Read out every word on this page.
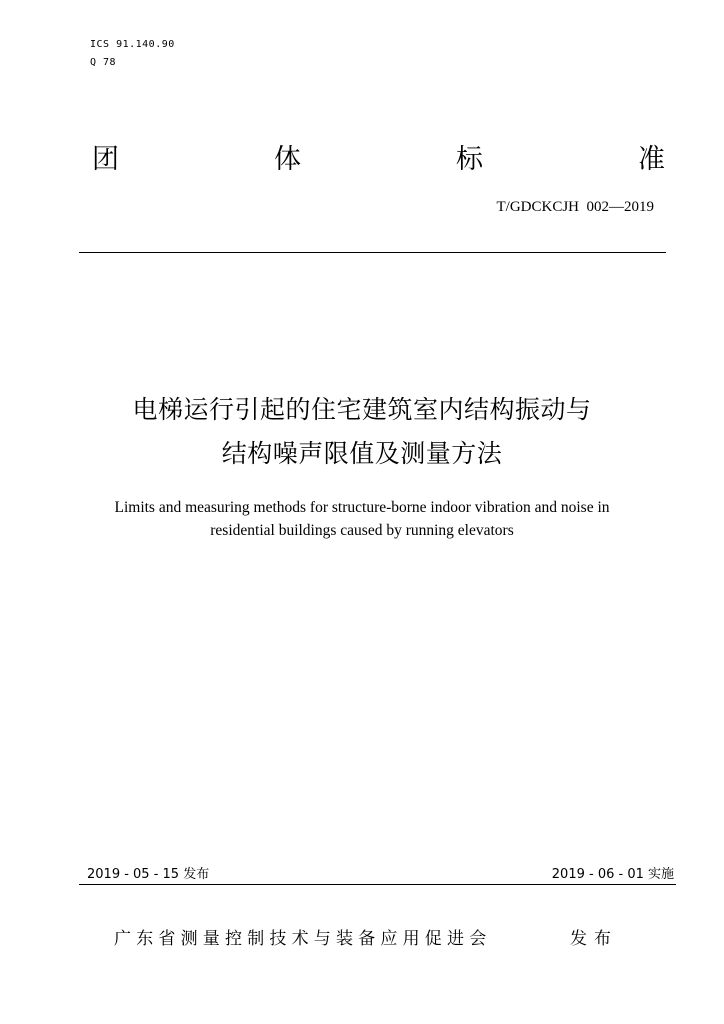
ICS 91.140.90
Q 78
团	体	标	准
T/GDCKCJH  002—2019
电梯运行引起的住宅建筑室内结构振动与
结构噪声限值及测量方法
Limits and measuring methods for structure-borne indoor vibration and noise in
residential buildings caused by running elevators
2019 - 05 - 15 发布	2019 - 06 - 01 实施
广东省测量控制技术与装备应用促进会	发布
